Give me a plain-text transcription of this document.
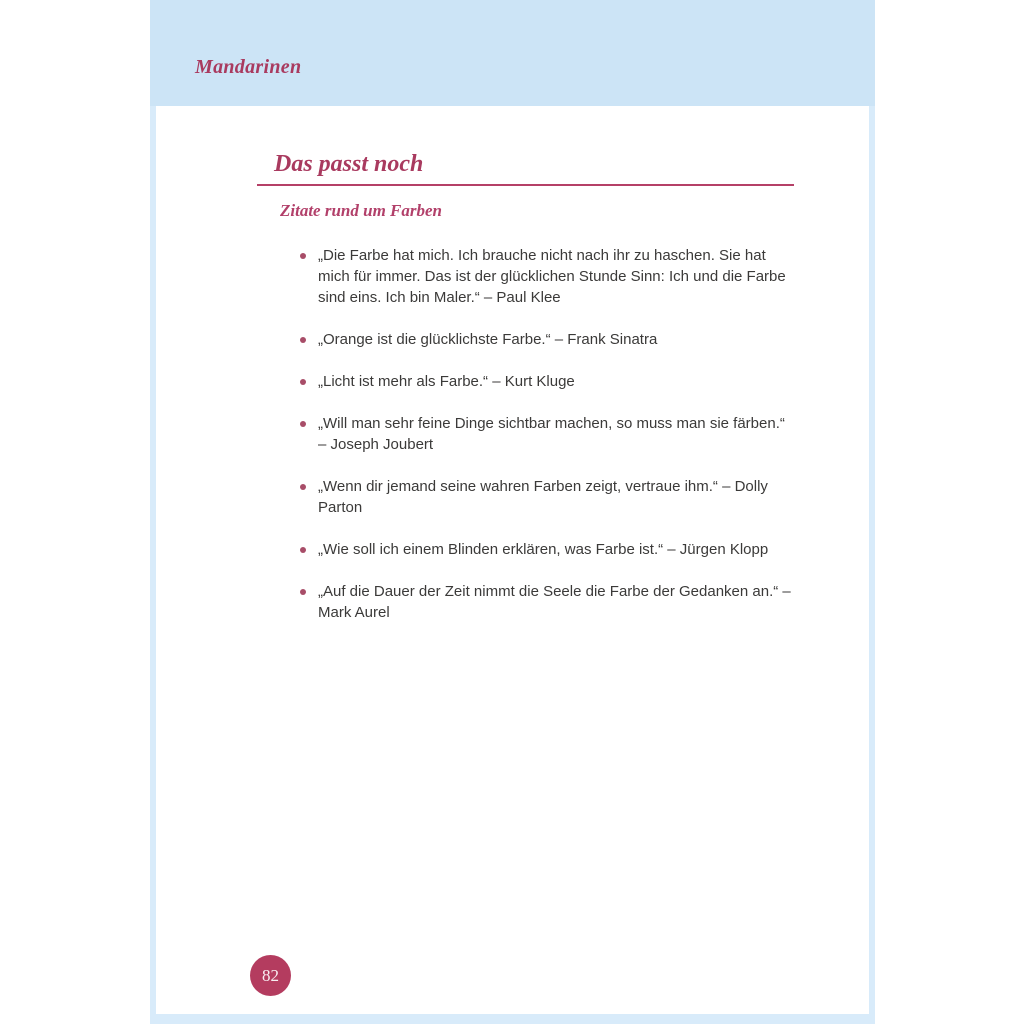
Mandarinen
Das passt noch
Zitate rund um Farben
„Die Farbe hat mich. Ich brauche nicht nach ihr zu haschen. Sie hat mich für immer. Das ist der glücklichen Stunde Sinn: Ich und die Farbe sind eins. Ich bin Maler.“ – Paul Klee
„Orange ist die glücklichste Farbe.“ – Frank Sinatra
„Licht ist mehr als Farbe.“ – Kurt Kluge
„Will man sehr feine Dinge sichtbar machen, so muss man sie färben.“ – Joseph Joubert
„Wenn dir jemand seine wahren Farben zeigt, vertraue ihm.“ – Dolly Parton
„Wie soll ich einem Blinden erklären, was Farbe ist.“ – Jürgen Klopp
„Auf die Dauer der Zeit nimmt die Seele die Farbe der Gedanken an.“ – Mark Aurel
82
